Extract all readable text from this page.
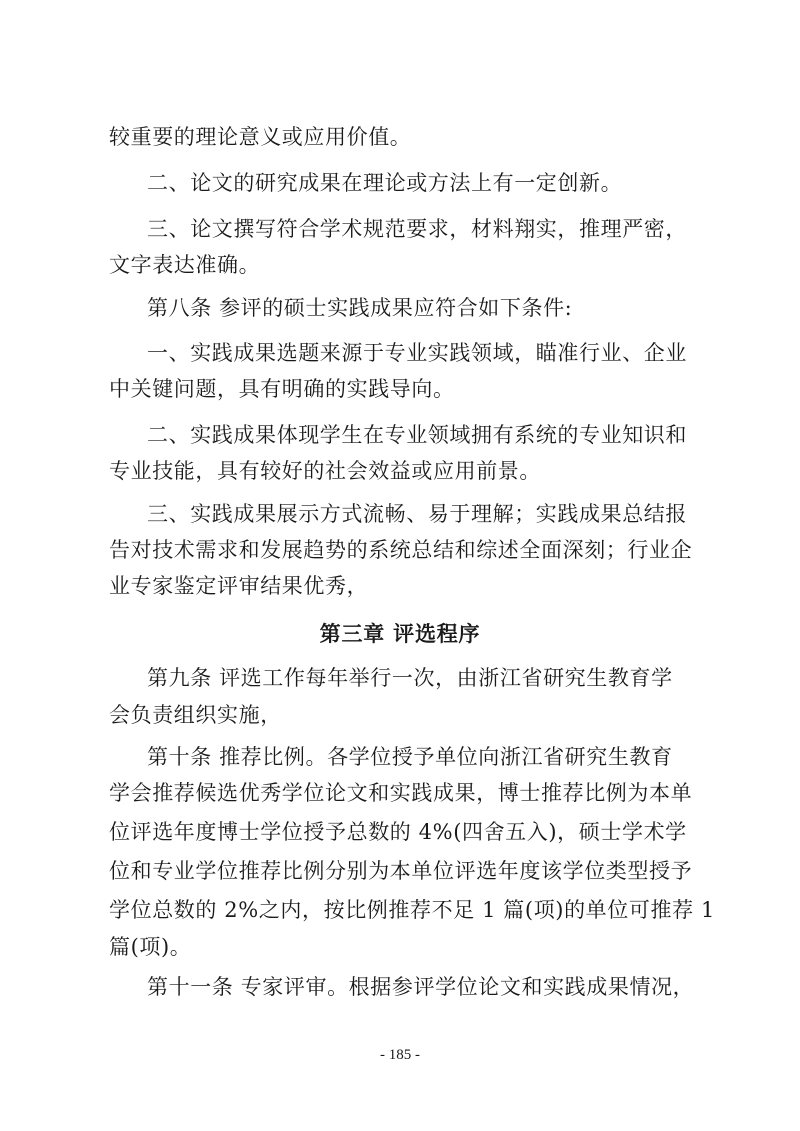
较重要的理论意义或应用价值。
二、论文的研究成果在理论或方法上有一定创新。
三、论文撰写符合学术规范要求，材料翔实，推理严密，
文字表达准确。
第八条 参评的硕士实践成果应符合如下条件:
一、实践成果选题来源于专业实践领域，瞄准行业、企业
中关键问题，具有明确的实践导向。
二、实践成果体现学生在专业领域拥有系统的专业知识和
专业技能，具有较好的社会效益或应用前景。
三、实践成果展示方式流畅、易于理解；实践成果总结报
告对技术需求和发展趋势的系统总结和综述全面深刻；行业企
业专家鉴定评审结果优秀，
第三章 评选程序
第九条 评选工作每年举行一次，由浙江省研究生教育学
会负责组织实施，
第十条 推荐比例。各学位授予单位向浙江省研究生教育
学会推荐候选优秀学位论文和实践成果，博士推荐比例为本单
位评选年度博士学位授予总数的 4%(四舍五入)，硕士学术学
位和专业学位推荐比例分别为本单位评选年度该学位类型授予
学位总数的 2%之内，按比例推荐不足 1 篇(项)的单位可推荐 1
篇(项)。
第十一条 专家评审。根据参评学位论文和实践成果情况，
- 185 -
